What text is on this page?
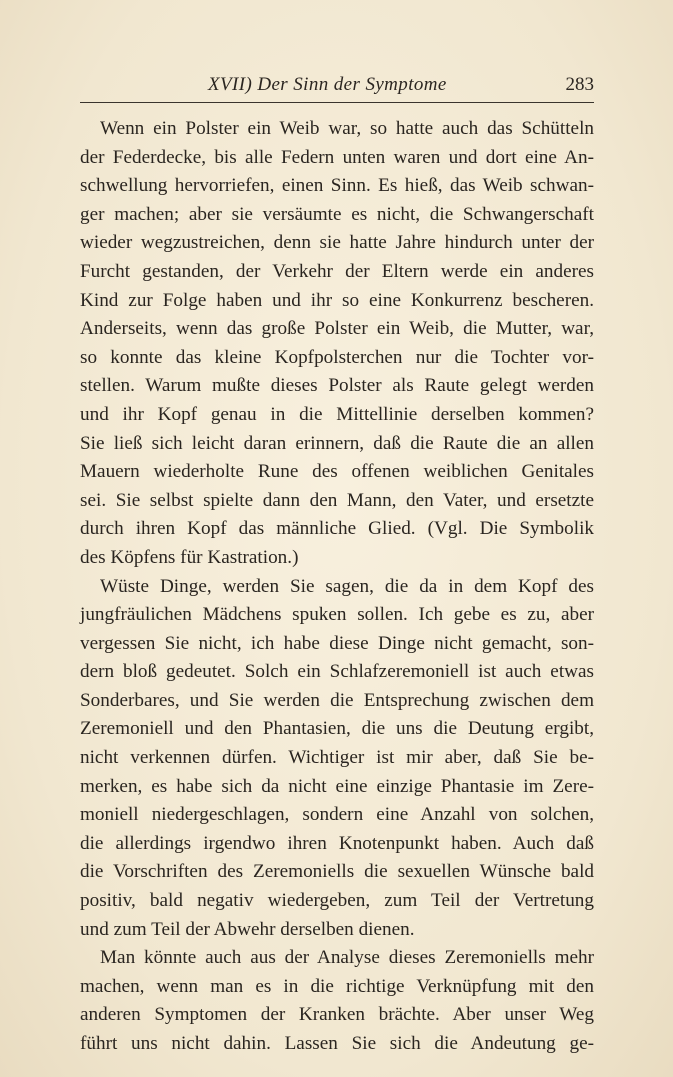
XVII) Der Sinn der Symptome	283
Wenn ein Polster ein Weib war, so hatte auch das Schütteln
der Federdecke, bis alle Federn unten waren und dort eine An-
schwellung hervorriefen, einen Sinn. Es hieß, das Weib schwan-
ger machen; aber sie versäumte es nicht, die Schwangerschaft
wieder wegzustreichen, denn sie hatte Jahre hindurch unter der
Furcht gestanden, der Verkehr der Eltern werde ein anderes
Kind zur Folge haben und ihr so eine Konkurrenz bescheren.
Anderseits, wenn das große Polster ein Weib, die Mutter, war,
so konnte das kleine Kopfpolsterchen nur die Tochter vor-
stellen. Warum mußte dieses Polster als Raute gelegt werden
und ihr Kopf genau in die Mittellinie derselben kommen?
Sie ließ sich leicht daran erinnern, daß die Raute die an allen
Mauern wiederholte Rune des offenen weiblichen Genitales
sei. Sie selbst spielte dann den Mann, den Vater, und ersetzte
durch ihren Kopf das männliche Glied. (Vgl. Die Symbolik
des Köpfens für Kastration.)
Wüste Dinge, werden Sie sagen, die da in dem Kopf des
jungfräulichen Mädchens spuken sollen. Ich gebe es zu, aber
vergessen Sie nicht, ich habe diese Dinge nicht gemacht, son-
dern bloß gedeutet. Solch ein Schlafzeremoniell ist auch etwas
Sonderbares, und Sie werden die Entsprechung zwischen dem
Zeremoniell und den Phantasien, die uns die Deutung ergibt,
nicht verkennen dürfen. Wichtiger ist mir aber, daß Sie be-
merken, es habe sich da nicht eine einzige Phantasie im Zere-
moniell niedergeschlagen, sondern eine Anzahl von solchen,
die allerdings irgendwo ihren Knotenpunkt haben. Auch daß
die Vorschriften des Zeremoniells die sexuellen Wünsche bald
positiv, bald negativ wiedergeben, zum Teil der Vertretung
und zum Teil der Abwehr derselben dienen.
Man könnte auch aus der Analyse dieses Zeremoniells mehr
machen, wenn man es in die richtige Verknüpfung mit den
anderen Symptomen der Kranken brächte. Aber unser Weg
führt uns nicht dahin. Lassen Sie sich die Andeutung ge-
